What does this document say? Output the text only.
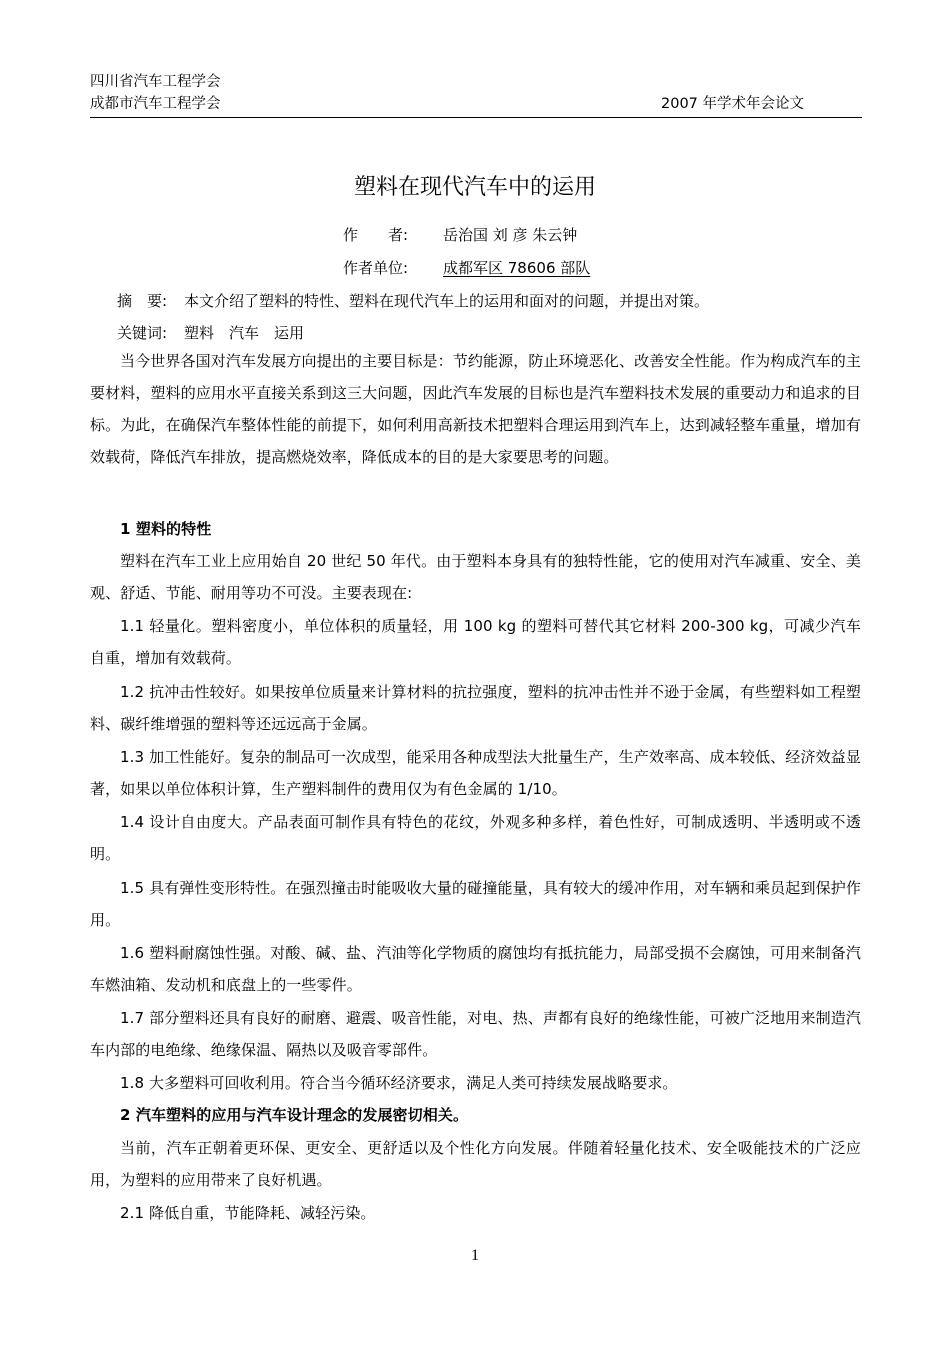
四川省汽车工程学会
成都市汽车工程学会	2007 年学术年会论文
塑料在现代汽车中的运用
作　　者: 岳治国 刘 彦 朱云钟
作者单位: 成都军区 78606 部队
摘　要: 本文介绍了塑料的特性、塑料在现代汽车上的运用和面对的问题，并提出对策。
关键词: 塑料　汽车　运用
当今世界各国对汽车发展方向提出的主要目标是：节约能源，防止环境恶化、改善安全性能。作为构成汽车的主要材料，塑料的应用水平直接关系到这三大问题，因此汽车发展的目标也是汽车塑料技术发展的重要动力和追求的目标。为此，在确保汽车整体性能的前提下，如何利用高新技术把塑料合理运用到汽车上，达到减轻整车重量，增加有效载荷，降低汽车排放，提高燃烧效率，降低成本的目的是大家要思考的问题。
1 塑料的特性
塑料在汽车工业上应用始自 20 世纪 50 年代。由于塑料本身具有的独特性能，它的使用对汽车减重、安全、美观、舒适、节能、耐用等功不可没。主要表现在:
1.1 轻量化。塑料密度小，单位体积的质量轻，用 100 kg 的塑料可替代其它材料 200-300 kg，可减少汽车自重，增加有效载荷。
1.2 抗冲击性较好。如果按单位质量来计算材料的抗拉强度，塑料的抗冲击性并不逊于金属，有些塑料如工程塑料、碳纤维增强的塑料等还远远高于金属。
1.3 加工性能好。复杂的制品可一次成型，能采用各种成型法大批量生产，生产效率高、成本较低、经济效益显著，如果以单位体积计算，生产塑料制件的费用仅为有色金属的 1/10。
1.4 设计自由度大。产品表面可制作具有特色的花纹，外观多种多样，着色性好，可制成透明、半透明或不透明。
1.5 具有弹性变形特性。在强烈撞击时能吸收大量的碰撞能量，具有较大的缓冲作用，对车辆和乘员起到保护作用。
1.6 塑料耐腐蚀性强。对酸、碱、盐、汽油等化学物质的腐蚀均有抵抗能力，局部受损不会腐蚀，可用来制备汽车燃油箱、发动机和底盘上的一些零件。
1.7 部分塑料还具有良好的耐磨、避震、吸音性能，对电、热、声都有良好的绝缘性能，可被广泛地用来制造汽车内部的电绝缘、绝缘保温、隔热以及吸音零部件。
1.8 大多塑料可回收利用。符合当今循环经济要求，满足人类可持续发展战略要求。
2 汽车塑料的应用与汽车设计理念的发展密切相关。
当前，汽车正朝着更环保、更安全、更舒适以及个性化方向发展。伴随着轻量化技术、安全吸能技术的广泛应用，为塑料的应用带来了良好机遇。
2.1 降低自重，节能降耗、减轻污染。
1
